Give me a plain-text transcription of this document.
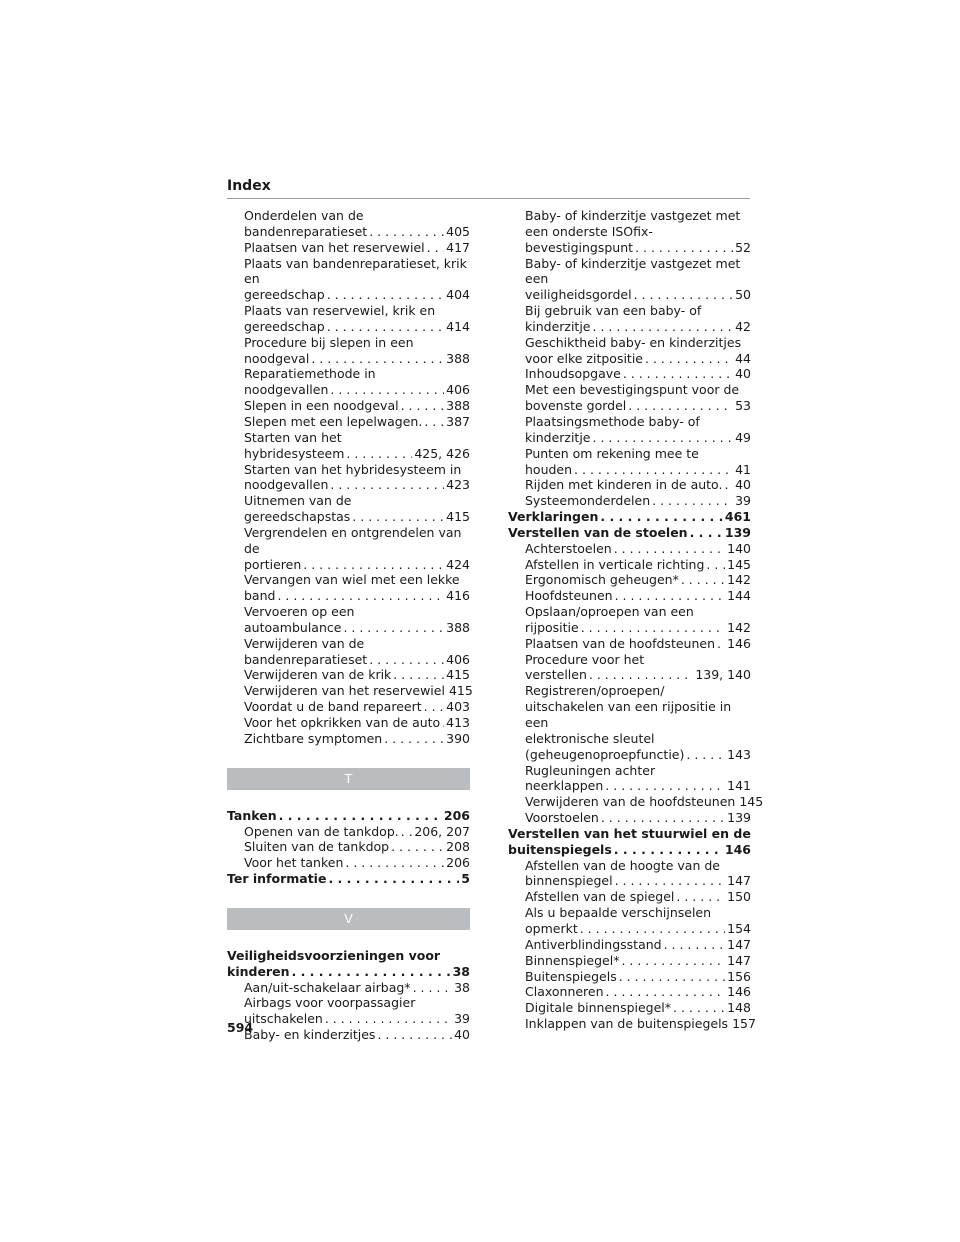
Index
Onderdelen van de
bandenreparatieset . . .	405
Plaatsen van het reservewiel . . . 417
Plaats van bandenreparatieset, krik en
gereedschap . . .	404
Plaats van reservewiel, krik en
gereedschap . . .	414
Procedure bij slepen in een
noodgeval . . .	388
Reparatiemethode in
noodgevallen . . .	406
Slepen in een noodgeval . . .	388
Slepen met een lepelwagen. . . . 387
Starten van het
hybridesysteem . . .	425, 426
Starten van het hybridesysteem in
noodgevallen . . .	423
Uitnemen van de
gereedschapstas . . .	415
Vergrendelen en ontgrendelen van de
portieren . . .	424
Vervangen van wiel met een lekke
band . . .	416
Vervoeren op een
autoambulance . . .	388
Verwijderen van de
bandenreparatieset . . .	406
Verwijderen van de krik . . .	415
Verwijderen van het reservewiel 415
Voordat u de band repareert . . . 403
Voor het opkrikken van de auto . . . 413
Zichtbare symptomen . . .	390
T
Tanken . . .	206
Openen van de tankdop. . . . 206, 207
Sluiten van de tankdop . . .	208
Voor het tanken . . .	206
Ter informatie . . .	5
V
Veiligheidsvoorzieningen voor
kinderen . . .	38
Aan/uit-schakelaar airbag* . . .	38
Airbags voor voorpassagier
uitschakelen . . .	39
Baby- en kinderzitjes . . .	40
Baby- of kinderzitje vastgezet met
een onderste ISOfix-
bevestigingspunt . . .	52
Baby- of kinderzitje vastgezet met een
veiligheidsgordel . . .	50
Bij gebruik van een baby- of
kinderzitje . . .	42
Geschiktheid baby- en kinderzitjes
voor elke zitpositie . . .	44
Inhoudsopgave . . .	40
Met een bevestigingspunt voor de
bovenste gordel . . .	53
Plaatsingsmethode baby- of
kinderzitje . . .	49
Punten om rekening mee te
houden . . .	41
Rijden met kinderen in de auto. . . . 40
Systeemonderdelen . . .	39
Verklaringen . . .	461
Verstellen van de stoelen . . .	139
Achterstoelen . . .	140
Afstellen in verticale richting . . . 145
Ergonomisch geheugen* . . .	142
Hoofdsteunen . . .	144
Opslaan/oproepen van een
rijpositie . . .	142
Plaatsen van de hoofdsteunen . . . 146
Procedure voor het
verstellen . . .	139, 140
Registreren/oproepen/
uitschakelen van een rijpositie in een
elektronische sleutel
(geheugenoproepfunctie) . . .	143
Rugleuningen achter
neerklappen . . .	141
Verwijderen van de hoofdsteunen 145
Voorstoelen . . .	139
Verstellen van het stuurwiel en de
buitenspiegels . . .	146
Afstellen van de hoogte van de
binnenspiegel . . .	147
Afstellen van de spiegel . . .	150
Als u bepaalde verschijnselen
opmerkt . . .	154
Antiverblindingsstand . . .	147
Binnenspiegel* . . .	147
Buitenspiegels . . .	156
Claxonneren . . .	146
Digitale binnenspiegel* . . .	148
Inklappen van de buitenspiegels 157
594
